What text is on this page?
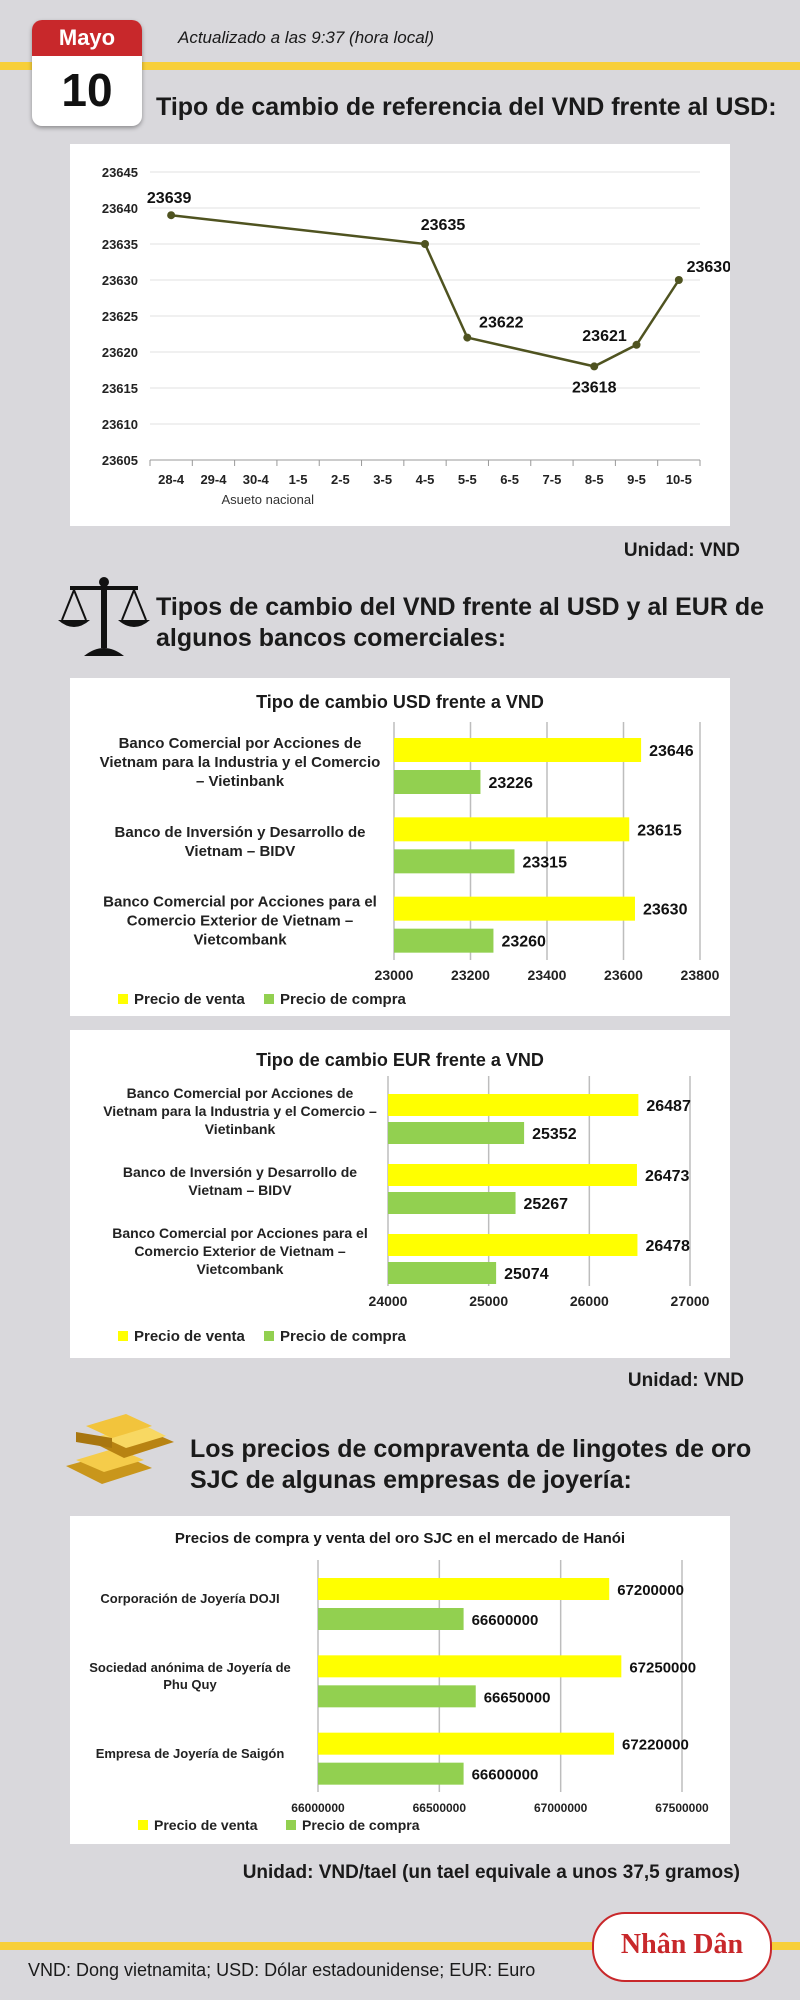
Mayo
10
Actualizado a las 9:37 (hora local)
Tipo de cambio de referencia del VND frente al USD:
23645
23640
23635
23630
23625
23620
23615
23610
23605
28-4 29-4 30-4 1-5 2-5 3-5 4-5 5-5 6-5 7-5 8-5 9-5 10-5
Asueto nacional
23639
23635
23622
23618
23621
23630
Unidad: VND
Tipos de cambio del VND frente al USD y al EUR de
algunos bancos comerciales:
Tipo de cambio USD frente a VND
23000	23200	23400	23600	23800
Banco Comercial por Acciones de
Vietnam para la Industria y el Comercio
– Vietinbank
23646
23226
Banco de Inversión y Desarrollo de
Vietnam – BIDV
23615
23315
Banco Comercial por Acciones para el
Comercio Exterior de Vietnam –
Vietcombank
23630
23260
Precio de venta Precio de compra
Tipo de cambio EUR frente a VND
24000	25000	26000	27000
Banco Comercial por Acciones de
Vietnam para la Industria y el Comercio –
Vietinbank
26487
25352
Banco de Inversión y Desarrollo de
Vietnam – BIDV
26473
25267
Banco Comercial por Acciones para el
Comercio Exterior de Vietnam –
Vietcombank
26478
25074
Precio de venta Precio de compra
Unidad: VND
Los precios de compraventa de lingotes de oro
SJC de algunas empresas de joyería:
Precios de compra y venta del oro SJC en el mercado de Hanói
66000000	66500000	67000000	67500000
Corporación de Joyería DOJI	67200000
66600000
Sociedad anónima de Joyería de
Phu Quy
67250000
66650000
Empresa de Joyería de Saigón	67220000
66600000
Precio de venta	Precio de compra
Unidad: VND/tael (un tael equivale a unos 37,5 gramos)
VND: Dong vietnamita; USD: Dólar estadounidense; EUR: Euro
Nhân Dân
